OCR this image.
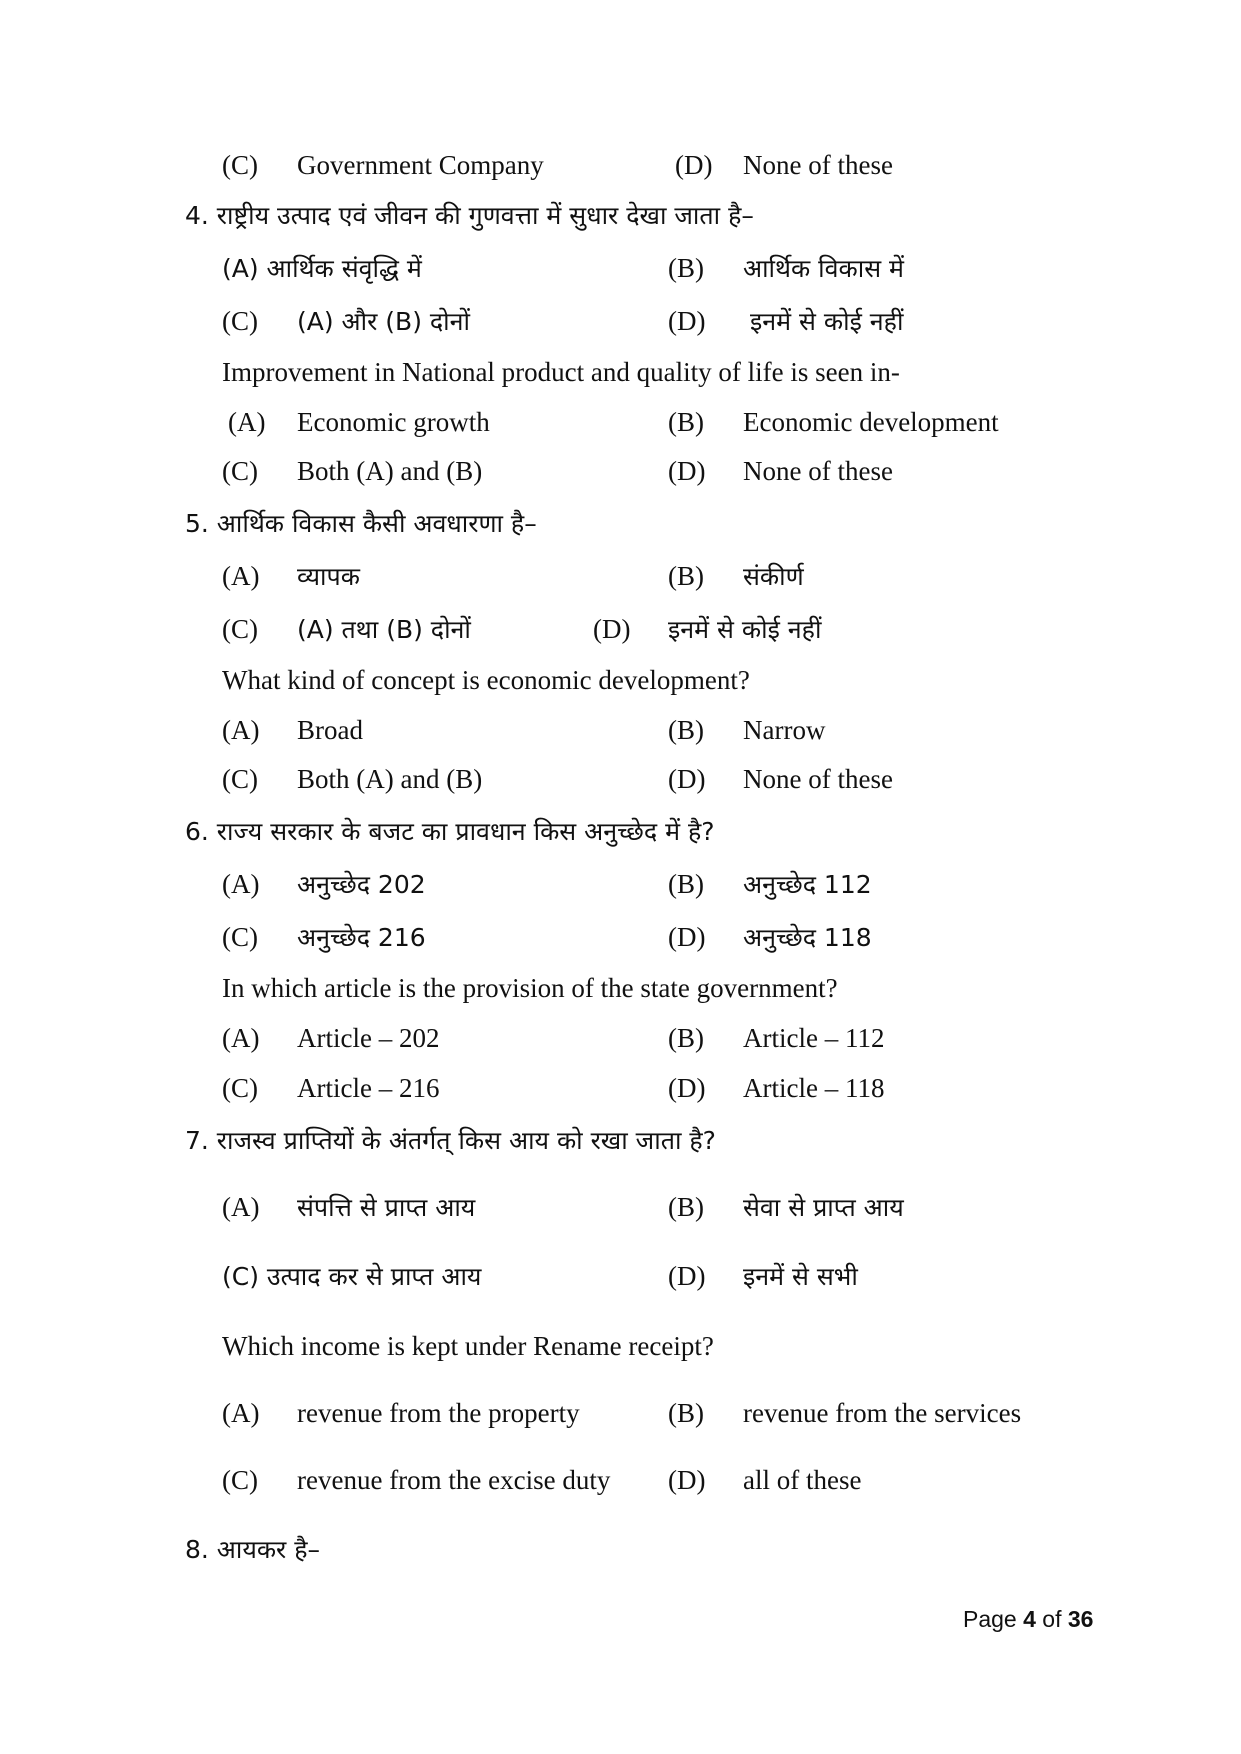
(C) Government Company	(D) None of these
4. राष्ट्रीय उत्पाद एवं जीवन की गुणवत्ता में सुधार देखा जाता है–
(A) आर्थिक संवृद्धि में	(B) आर्थिक विकास में
(C) (A) और (B) दोनों	(D) इनमें से कोई नहीं
Improvement in National product and quality of life is seen in-
(A) Economic growth	(B) Economic development
(C) Both (A) and (B)	(D) None of these
5. आर्थिक विकास कैसी अवधारणा है–
(A) व्यापक	(B) संकीर्ण
(C) (A) तथा (B) दोनों	(D) इनमें से कोई नहीं
What kind of concept is economic development?
(A) Broad	(B) Narrow
(C) Both (A) and (B)	(D) None of these
6. राज्य सरकार के बजट का प्रावधान किस अनुच्छेद में है?
(A) अनुच्छेद 202	(B) अनुच्छेद 112
(C) अनुच्छेद 216	(D) अनुच्छेद 118
In which article is the provision of the state government?
(A) Article – 202	(B) Article – 112
(C) Article – 216	(D) Article – 118
7. राजस्व प्राप्तियों के अंतर्गत् किस आय को रखा जाता है?
(A) संपत्ति से प्राप्त आय	(B) सेवा से प्राप्त आय
(C) उत्पाद कर से प्राप्त आय	(D) इनमें से सभी
Which income is kept under Rename receipt?
(A) revenue from the property	(B) revenue from the services
(C) revenue from the excise duty (D) all of these
8. आयकर है–
Page 4 of 36
